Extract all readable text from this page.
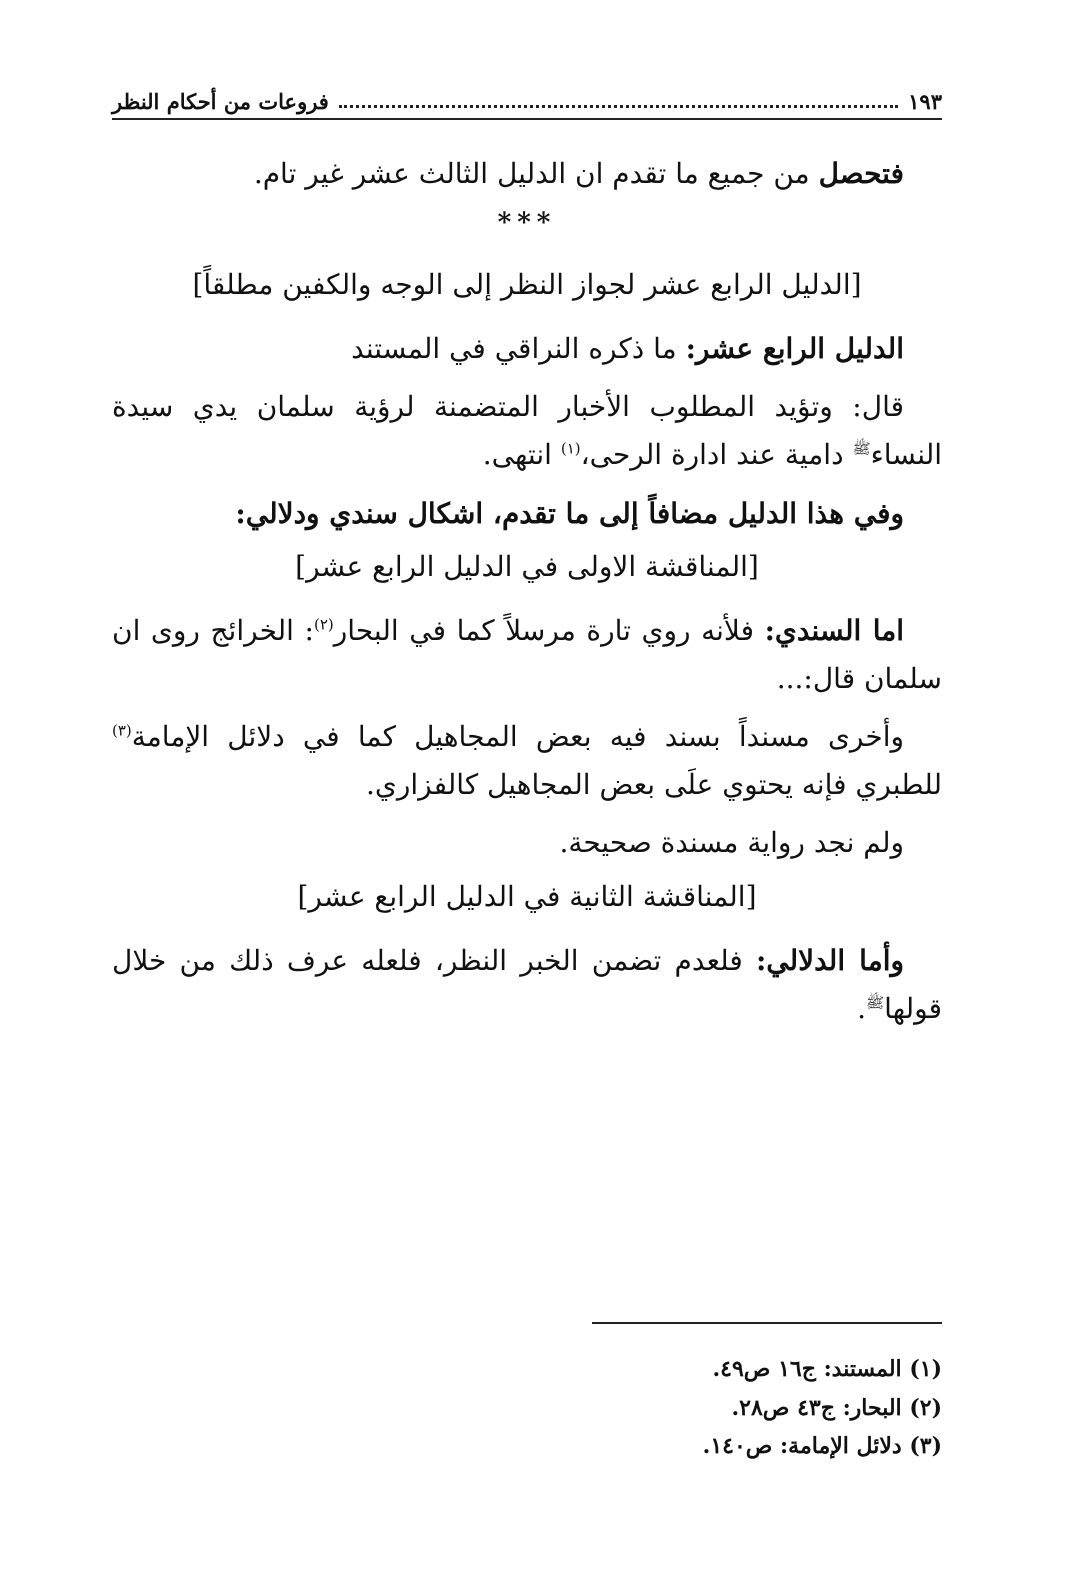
١٩٣
فروعات من أحكام النظر

فتحصل من جميع ما تقدم ان الدليل الثالث عشر غير تام.

***
[الدليل الرابع عشر لجواز النظر إلى الوجه والكفين مطلقاً]

الدليل الرابع عشر: ما ذكره النراقي في المستند

قال: وتؤيد المطلوب الأخبار المتضمنة لرؤية سلمان يدي سيدة النساء$^ﷺ$ دامية عند ادارة الرحى،$^{(١)}$ انتهى.

وفي هذا الدليل مضافاً إلى ما تقدم، اشكال سندي ودلالي:

[المناقشة الاولى في الدليل الرابع عشر]

اما السندي: فلأنه روي تارة مرسلاً كما في البحار$^{(٢)}$: الخرائج روى ان سلمان قال:...

وأخرى مسنداً بسند فيه بعض المجاهيل كما في دلائل الإمامة$^{(٣)}$ للطبري فإنه يحتوي علَى بعض المجاهيل كالفزاري.

ولم نجد رواية مسندة صحيحة.

[المناقشة الثانية في الدليل الرابع عشر]

وأما الدلالي: فلعدم تضمن الخبر النظر، فلعله عرف ذلك من خلال قولها$^ﷺ$.

(١) المستند: ج١٦ ص٤٩.
(٢) البحار: ج٤٣ ص٢٨.
(٣) دلائل الإمامة: ص١٤٠.
